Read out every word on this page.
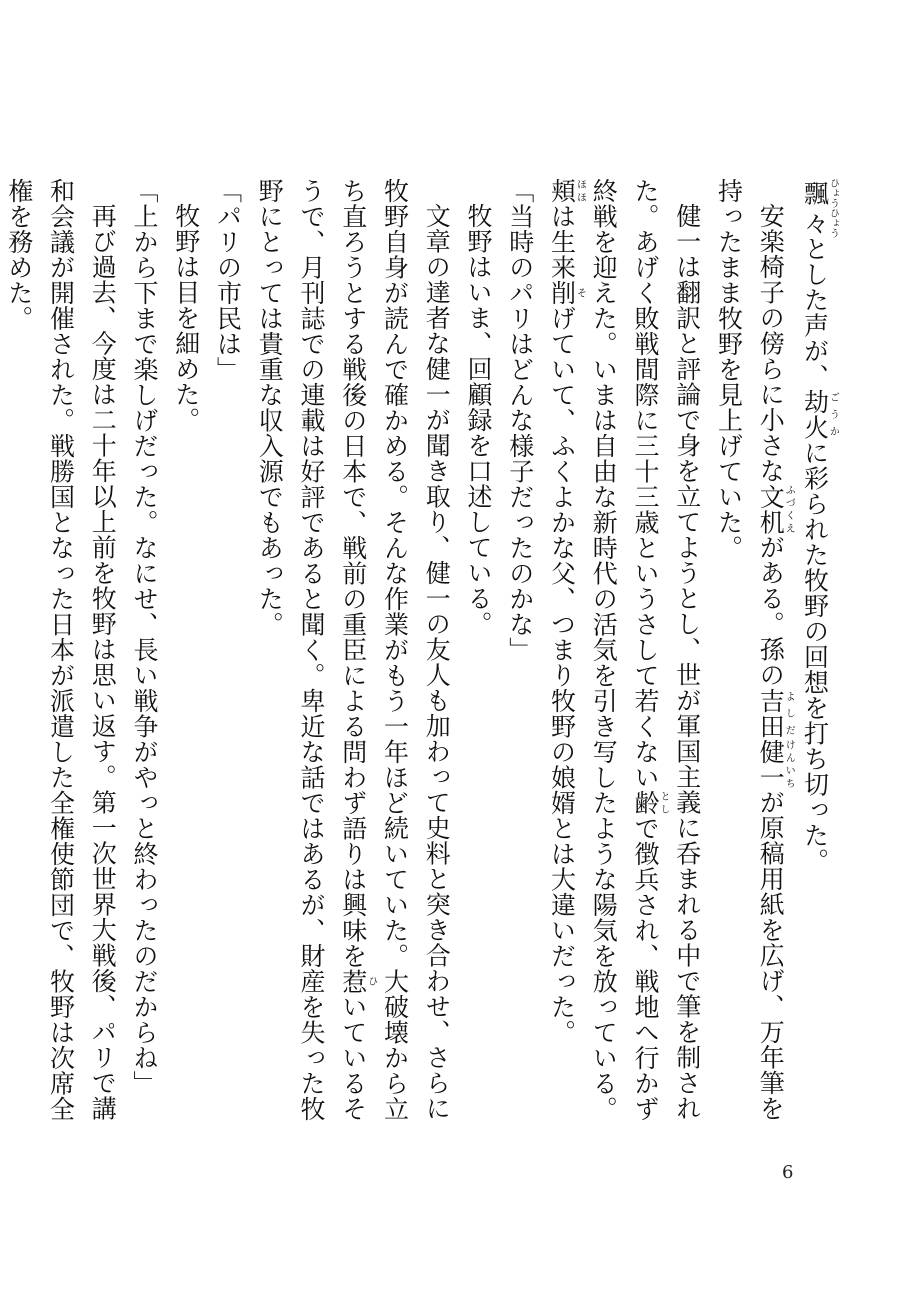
飄々ひょうひょうとした声が、劫火ごうかに彩られた牧野の回想を打ち切った。

安楽椅子の傍らに小さな文机ふづくえがある。孫の吉田よしだ健一けんいちが原稿用紙を広げ、万年筆を持ったまま牧野を見上げていた。

健一は翻訳と評論で身を立てようとし、世が軍国主義に呑まれる中で筆を制された。あげく敗戦間際に三十三歳というさして若くない齢としで徴兵され、戦地へ行かず終戦を迎えた。いまは自由な新時代の活気を引き写したような陽気を放っている。頬ほほは生来削そげていて、ふくよかな父、つまり牧野の娘婿とは大違いだった。

「当時のパリはどんな様子だったのかな」

牧野はいま、回顧録を口述している。

文章の達者な健一が聞き取り、健一の友人も加わって史料と突き合わせ、さらに牧野自身が読んで確かめる。そんな作業がもう一年ほど続いていた。大破壊から立ち直ろうとする戦後の日本で、戦前の重臣による問わず語りは興味を惹ひいているそうで、月刊誌での連載は好評であると聞く。卑近な話ではあるが、財産を失った牧野にとっては貴重な収入源でもあった。

「パリの市民は」

牧野は目を細めた。

「上から下まで楽しげだった。なにせ、長い戦争がやっと終わったのだからね」

再び過去、今度は二十年以上前を牧野は思い返す。第一次世界大戦後、パリで講和会議が開催された。戦勝国となった日本が派遣した全権使節団で、牧野は次席全権を務めた。

6
